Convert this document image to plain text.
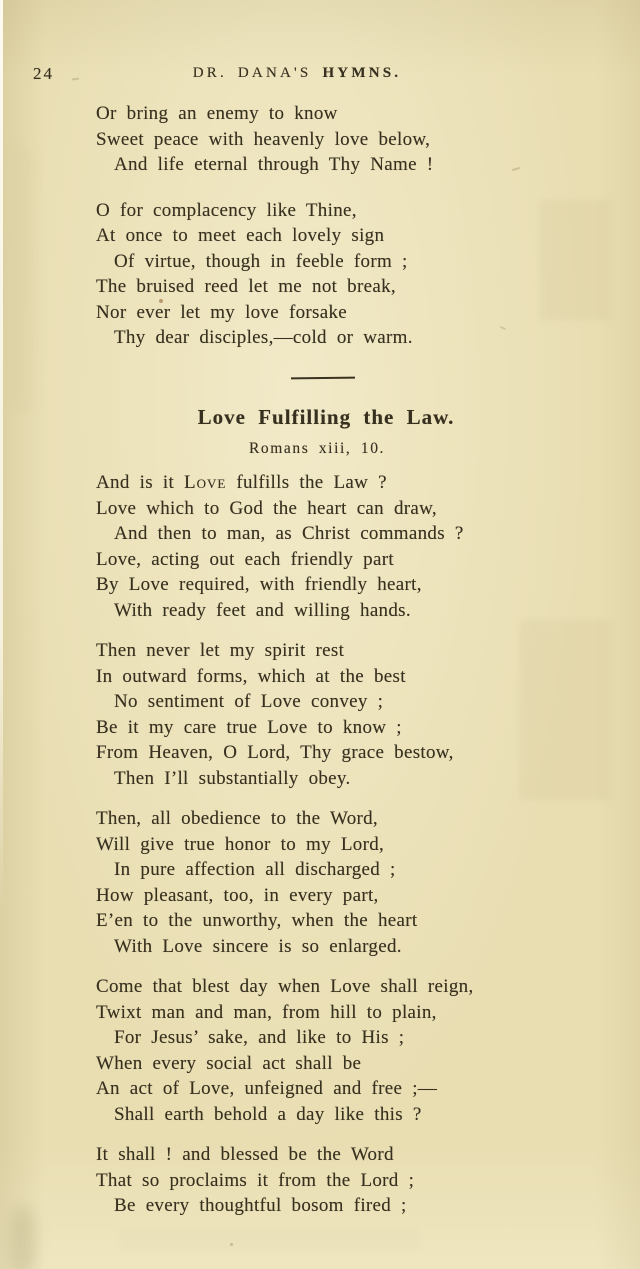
24	DR. DANA'S HYMNS.
Or bring an enemy to know
Sweet peace with heavenly love below,
And life eternal through Thy Name !
O for complacency like Thine,
At once to meet each lovely sign
Of virtue, though in feeble form ;
The bruised reed let me not break,
Nor ever let my love forsake
Thy dear disciples,—cold or warm.
Love Fulfilling the Law.
Romans xiii, 10.
And is it Love fulfills the Law ?
Love which to God the heart can draw,
And then to man, as Christ commands ?
Love, acting out each friendly part
By Love required, with friendly heart,
With ready feet and willing hands.
Then never let my spirit rest
In outward forms, which at the best
No sentiment of Love convey ;
Be it my care true Love to know ;
From Heaven, O Lord, Thy grace bestow,
Then I’ll substantially obey.
Then, all obedience to the Word,
Will give true honor to my Lord,
In pure affection all discharged ;
How pleasant, too, in every part,
E’en to the unworthy, when the heart
With Love sincere is so enlarged.
Come that blest day when Love shall reign,
Twixt man and man, from hill to plain,
For Jesus’ sake, and like to His ;
When every social act shall be
An act of Love, unfeigned and free ;—
Shall earth behold a day like this ?
It shall ! and blessed be the Word
That so proclaims it from the Lord ;
Be every thoughtful bosom fired ;
